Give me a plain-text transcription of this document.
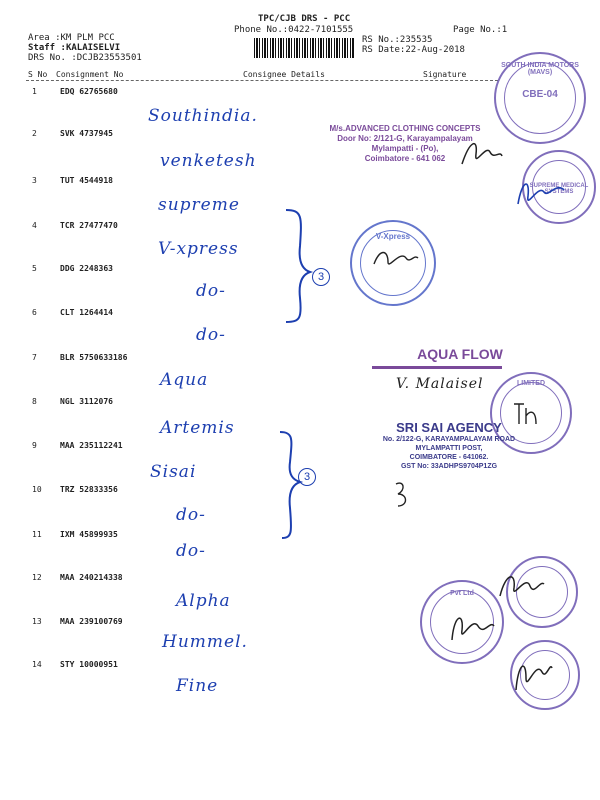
TPC/CJB DRS - PCC
Phone No.:0422-7101555	Page No.:1
Area :KM PLM PCC
Staff :KALAISELVI
DRS No. :DCJB23553501
RS No.:235535
RS Date:22-Aug-2018
S No Consignment No	Consignee Details	Signature
1	EDQ 62765680
Southindia.
2	SVK 4737945
venketesh
3	TUT 4544918
supreme
4	TCR 27477470
V-xpress
5	DDG 2248363
do-
6	CLT 1264414
do-
7	BLR 5750633186
Aqua
8	NGL 3112076
Artemis
9	MAA 235112241
Sisai
10 TRZ 52833356
do-
11 IXM 45899935
do-
12 MAA 240214338
Alpha
13 MAA 239100769
Hummel.
14 STY 10000951
Fine
3
3
SOUTH INDIA MOTORS (MAVS)
CBE-04
M/s.ADVANCED CLOTHING CONCEPTS
Door No: 2/121-G, Karayampalayam
Mylampatti - (Po),
Coimbatore - 641 062
SUPREME MEDICAL SYSTEMS
V-Xpress
AQUA FLOW
V. Malaisel	LIMITED
SRI SAI AGENCY
No. 2/122-G, KARAYAMPALAYAM ROAD
MYLAMPATTI POST,
COIMBATORE - 641062.
GST No: 33ADHPS9704P1ZG
Pvt Ltd
